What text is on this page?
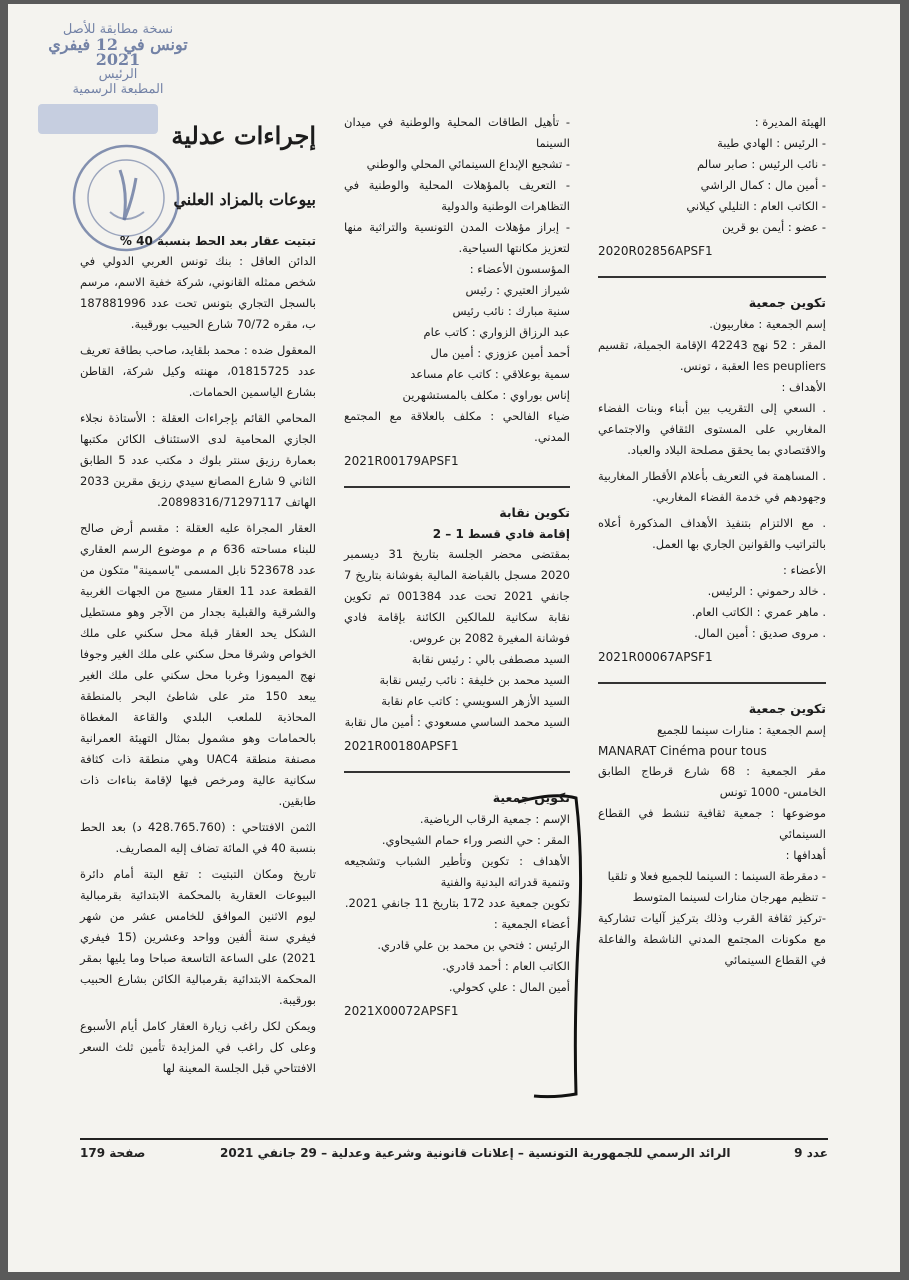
نسخة مطابقة للأصل
تونس في 12 فيفري 2021
الرئيس
المطبعة الرسمية

الهيئة المديرة :

- الرئيس : الهادي طيبة

- نائب الرئيس : صابر سالم

- أمين مال : كمال الراشي

- الكاتب العام : التليلي كيلاني

- عضو : أيمن بو قرين

2020R02856APSF1
تكوين جمعية

إسم الجمعية : مغاربيون.

المقر : 52 نهج 42243 الإقامة الجميلة، تقسيم les peupliers العقبة ، تونس.

الأهداف :

. السعي إلى التقريب بين أبناء وبنات الفضاء المغاربي على المستوى الثقافي والاجتماعي والاقتصادي بما يحقق مصلحة البلاد والعباد.

. المساهمة في التعريف بأعلام الأقطار المغاربية وجهودهم في خدمة الفضاء المغاربي.

. مع الالتزام بتنفيذ الأهداف المذكورة أعلاه بالتراتيب والقوانين الجاري بها العمل.

الأعضاء :

. خالد رحموني : الرئيس.

. ماهر عمري : الكاتب العام.

. مروى صديق : أمين المال.

2021R00067APSF1
تكوين جمعية

إسم الجمعية : منارات سينما للجميع

MANARAT Cinéma pour tous

مقر الجمعية : 68 شارع قرطاج الطابق الخامس- 1000 تونس

موضوعها : جمعية ثقافية تنشط في القطاع السينمائي

أهدافها :

- دمقرطة السينما : السينما للجميع فعلا و تلقيا

- تنظيم مهرجان منارات لسينما المتوسط

-تركيز ثقافة القرب وذلك بتركيز آليات تشاركية مع مكونات المجتمع المدني الناشطة والفاعلة في القطاع السينمائي

- تأهيل الطاقات المحلية والوطنية في ميدان السينما

- تشجيع الإبداع السينمائي المحلي والوطني

- التعريف بالمؤهلات المحلية والوطنية في التظاهرات الوطنية والدولية

- إبراز مؤهلات المدن التونسية والتراثية منها لتعزيز مكانتها السياحية.

المؤسسون الأعضاء :

شيراز العتيري : رئيس

سنية مبارك : نائب رئيس

عبد الرزاق الزواري : كاتب عام

أحمد أمين عزوزي : أمين مال

سمية بوعلاقي : كاتب عام مساعد

إناس بوراوي : مكلف بالمستشهرين

ضياء الفالحي : مكلف بالعلاقة مع المجتمع المدني.

2021R00179APSF1
تكوين نقابة
إقامة فادي قسط 1 – 2

بمقتضى محضر الجلسة بتاريخ 31 ديسمبر 2020 مسجل بالقباضة المالية بفوشانة بتاريخ 7 جانفي 2021 تحت عدد 001384 تم تكوين نقابة سكانية للمالكين الكائنة بإقامة فادي فوشانة المغيرة 2082 بن عروس.

السيد مصطفى بالي : رئيس نقابة

السيد محمد بن خليفة : نائب رئيس نقابة

السيد الأزهر السويسي : كاتب عام نقابة

السيد محمد الساسي مسعودي : أمين مال نقابة

2021R00180APSF1
تكوين جمعية

الإسم : جمعية الرقاب الرياضية.

المقر : حي النصر وراء حمام الشيحاوي.

الأهداف : تكوين وتأطير الشباب وتشجيعه وتنمية قدراته البدنية والفنية

تكوين جمعية عدد 172 بتاريخ 11 جانفي 2021.

أعضاء الجمعية :

الرئيس : فتحي بن محمد بن علي قادري.

الكاتب العام : أحمد قادري.

أمين المال : علي كحولي.

2021X00072APSF1
إجراءات عدلية
بيوعات بالمزاد العلني
تبتيت عقار بعد الحط بنسبة 40 %

الدائن العاقل : بنك تونس العربي الدولي في شخص ممثله القانوني، شركة خفية الاسم، مرسم بالسجل التجاري بتونس تحت عدد 187881996 ب، مقره 70/72 شارع الحبيب بورقيبة.

المعقول ضده : محمد بلقايد، صاحب بطاقة تعريف عدد 01815725، مهنته وكيل شركة، القاطن بشارع الياسمين الحمامات.

المحامي القائم بإجراءات العقلة : الأستاذة نجلاء الجازي المحامية لدى الاستئناف الكائن مكتبها بعمارة رزيق سنتر بلوك د مكتب عدد 5 الطابق الثاني 9 شارع المصانع سيدي رزيق مقرين 2033 الهاتف 20898316/71297117.

العقار المجراة عليه العقلة : مقسم أرض صالح للبناء مساحته 636 م م موضوع الرسم العقاري عدد 523678 نابل المسمى "ياسمينة" متكون من القطعة عدد 11 العقار مسيج من الجهات الغربية والشرقية والقبلية بجدار من الآجر وهو مستطيل الشكل يحد العقار قبلة محل سكني على ملك الخواص وشرقا محل سكني على ملك الغير وجوفا نهج الميموزا وغربا محل سكني على ملك الغير يبعد 150 متر على شاطئ البحر بالمنطقة المحاذية للملعب البلدي والقاعة المغطاة بالحمامات وهو مشمول بمثال التهيئة العمرانية مصنفة منطقة UAC4 وهي منطقة ذات كثافة سكانية عالية ومرخص فيها لإقامة بناءات ذات طابقين.

الثمن الافتتاحي : (428.765.760 د) بعد الحط بنسبة 40 في المائة تضاف إليه المصاريف.

تاريخ ومكان التبتيت : تقع البتة أمام دائرة البيوعات العقارية بالمحكمة الابتدائية بقرمبالية ليوم الاثنين الموافق للخامس عشر من شهر فيفري سنة ألفين وواحد وعشرين (15 فيفري 2021) على الساعة التاسعة صباحا وما يليها بمقر المحكمة الابتدائية بقرمبالية الكائن بشارع الحبيب بورقيبة.

ويمكن لكل راغب زيارة العقار كامل أيام الأسبوع وعلى كل راغب في المزايدة تأمين ثلث السعر الافتتاحي قبل الجلسة المعينة لها

عدد 9
الرائد الرسمي للجمهورية التونسية – إعلانات قانونية وشرعية وعدلية – 29 جانفي 2021
صفحة 179
